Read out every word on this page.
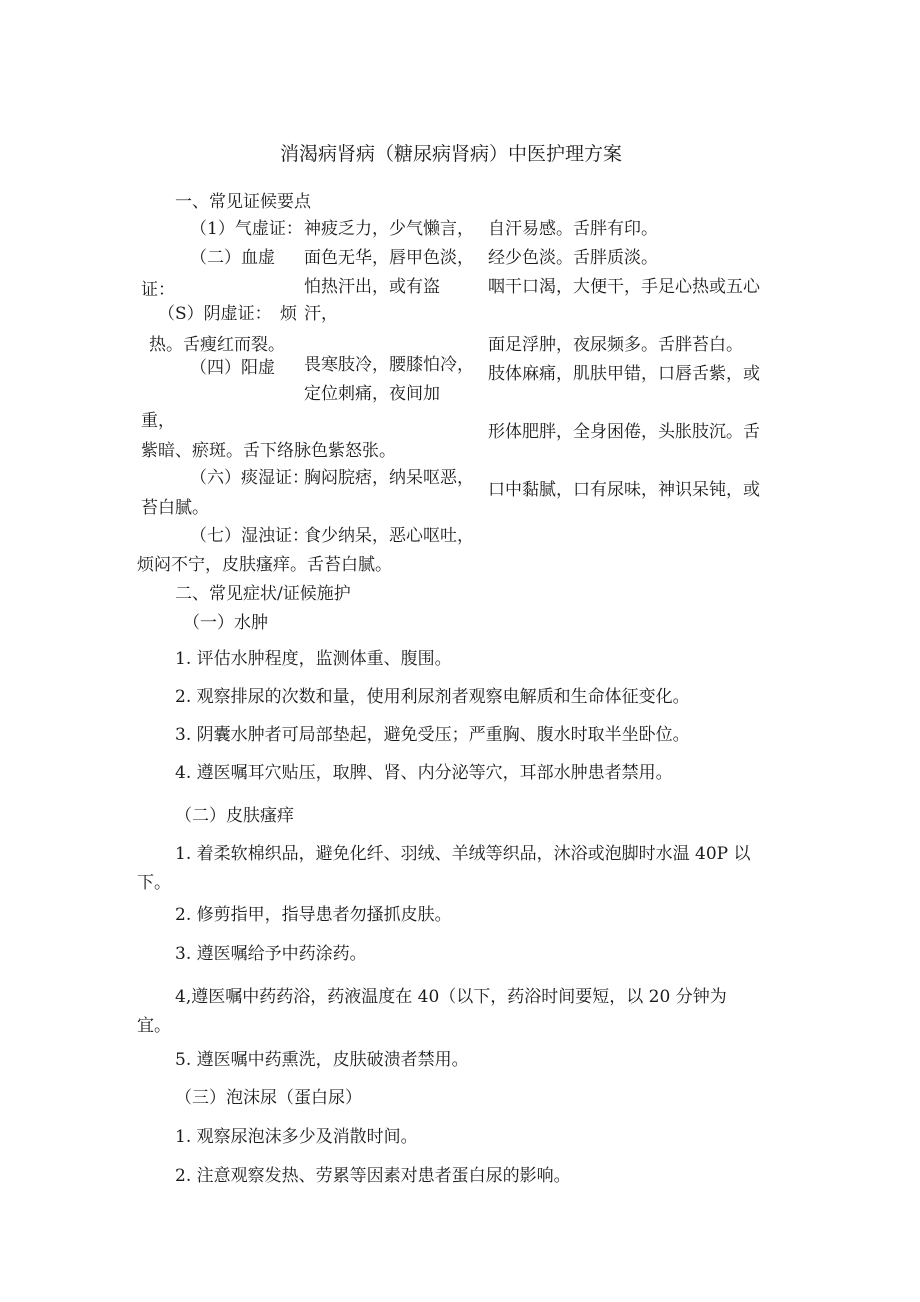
消渴病肾病（糖尿病肾病）中医护理方案
一、常见证候要点
（1）气虚证： 神疲乏力，少气懒言， 自汗易感。舌胖有印。
（二）血虚 面色无华，唇甲色淡， 经少色淡。舌胖质淡。
怕热汗出，或有盗	咽干口渴，大便干，手足心热或五心
证：
（S）阴虚证： 烦 汗，
热。舌瘦红而裂。	面足浮肿，夜尿频多。舌胖苔白。
（四）阳虚 畏寒肢冷，腰膝怕冷， 肢体麻痛，肌肤甲错，口唇舌紫，或
定位刺痛，夜间加
重，
形体肥胖，全身困倦，头胀肢沉。舌
紫暗、瘀斑。舌下络脉色紫怒张。
（六）痰湿证：
胸闷脘痞，纳呆呕恶，
口中黏腻，口有尿味，神识呆钝，或
苔白腻。
（七）湿浊证：
食少纳呆，恶心呕吐，
烦闷不宁，皮肤瘙痒。舌苔白腻。
二、常见症状/证候施护
（一）水肿
1. 评估水肿程度，监测体重、腹围。
2. 观察排尿的次数和量，使用利尿剂者观察电解质和生命体征变化。
3. 阴囊水肿者可局部垫起，避免受压；严重胸、腹水时取半坐卧位。
4. 遵医嘱耳穴贴压，取脾、肾、内分泌等穴，耳部水肿患者禁用。
（二）皮肤瘙痒
1. 着柔软棉织品，避免化纤、羽绒、羊绒等织品，沐浴或泡脚时水温 40P 以
下。
2. 修剪指甲，指导患者勿搔抓皮肤。
3. 遵医嘱给予中药涂药。
4,遵医嘱中药药浴，药液温度在 40（以下，药浴时间要短，以 20 分钟为
宜。
5. 遵医嘱中药熏洗，皮肤破溃者禁用。
（三）泡沫尿（蛋白尿）
1. 观察尿泡沫多少及消散时间。
2. 注意观察发热、劳累等因素对患者蛋白尿的影响。
